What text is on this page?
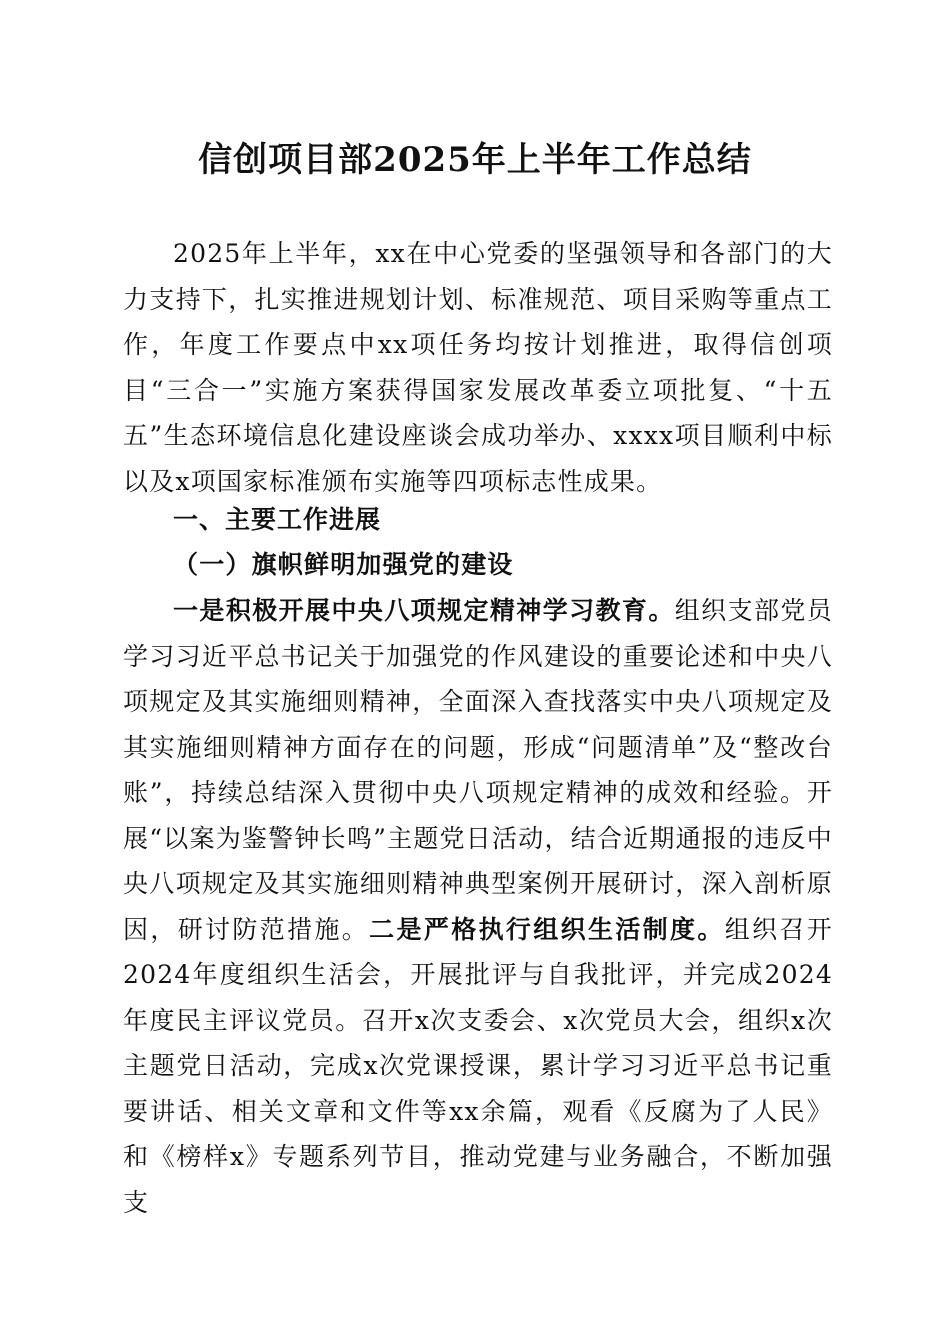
信创项目部2025年上半年工作总结

2025年上半年，xx在中心党委的坚强领导和各部门的大力支持下，扎实推进规划计划、标准规范、项目采购等重点工作，年度工作要点中xx项任务均按计划推进，取得信创项目“三合一”实施方案获得国家发展改革委立项批复、“十五五”生态环境信息化建设座谈会成功举办、xxxx项目顺利中标以及x项国家标准颁布实施等四项标志性成果。

一、主要工作进展
（一）旗帜鲜明加强党的建设

一是积极开展中央八项规定精神学习教育。组织支部党员学习习近平总书记关于加强党的作风建设的重要论述和中央八项规定及其实施细则精神，全面深入查找落实中央八项规定及其实施细则精神方面存在的问题，形成“问题清单”及“整改台账”，持续总结深入贯彻中央八项规定精神的成效和经验。开展“以案为鉴警钟长鸣”主题党日活动，结合近期通报的违反中央八项规定及其实施细则精神典型案例开展研讨，深入剖析原因，研讨防范措施。二是严格执行组织生活制度。组织召开2024年度组织生活会，开展批评与自我批评，并完成2024年度民主评议党员。召开x次支委会、x次党员大会，组织x次主题党日活动，完成x次党课授课，累计学习习近平总书记重要讲话、相关文章和文件等xx余篇，观看《反腐为了人民》和《榜样x》专题系列节目，推动党建与业务融合，不断加强支
